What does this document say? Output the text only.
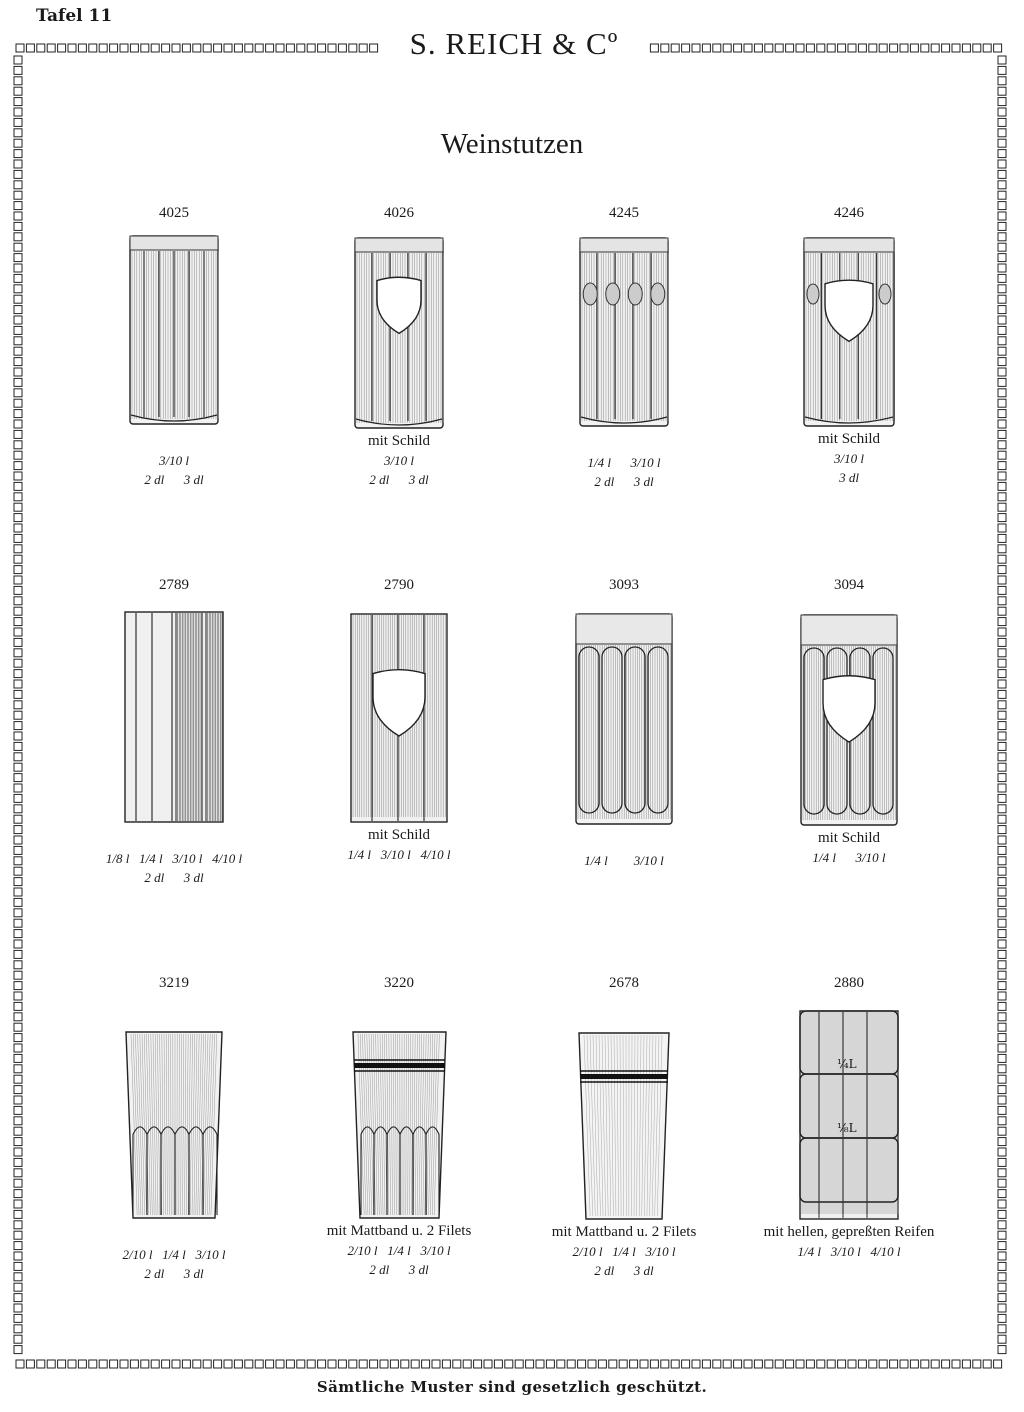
Tafel 11
S. REICH & Cº
Weinstutzen
4025
3/10 l
2 dl      3 dl
4026
mit Schild
3/10 l
2 dl      3 dl
4245
1/4 l      3/10 l
2 dl      3 dl
4246
mit Schild
3/10 l
3 dl
2789
1/8 l   1/4 l   3/10 l   4/10 l
2 dl      3 dl
2790
mit Schild
1/4 l   3/10 l   4/10 l
3093
1/4 l        3/10 l
3094
mit Schild
1/4 l      3/10 l
3219
2/10 l   1/4 l   3/10 l
2 dl      3 dl
3220
mit Mattband u. 2 Filets
2/10 l   1/4 l   3/10 l
2 dl      3 dl
2678
mit Mattband u. 2 Filets
2/10 l   1/4 l   3/10 l
2 dl      3 dl
2880
¼L
⅛L
mit hellen, gepreßten Reifen
1/4 l   3/10 l   4/10 l
Sämtliche Muster sind gesetzlich geschützt.
